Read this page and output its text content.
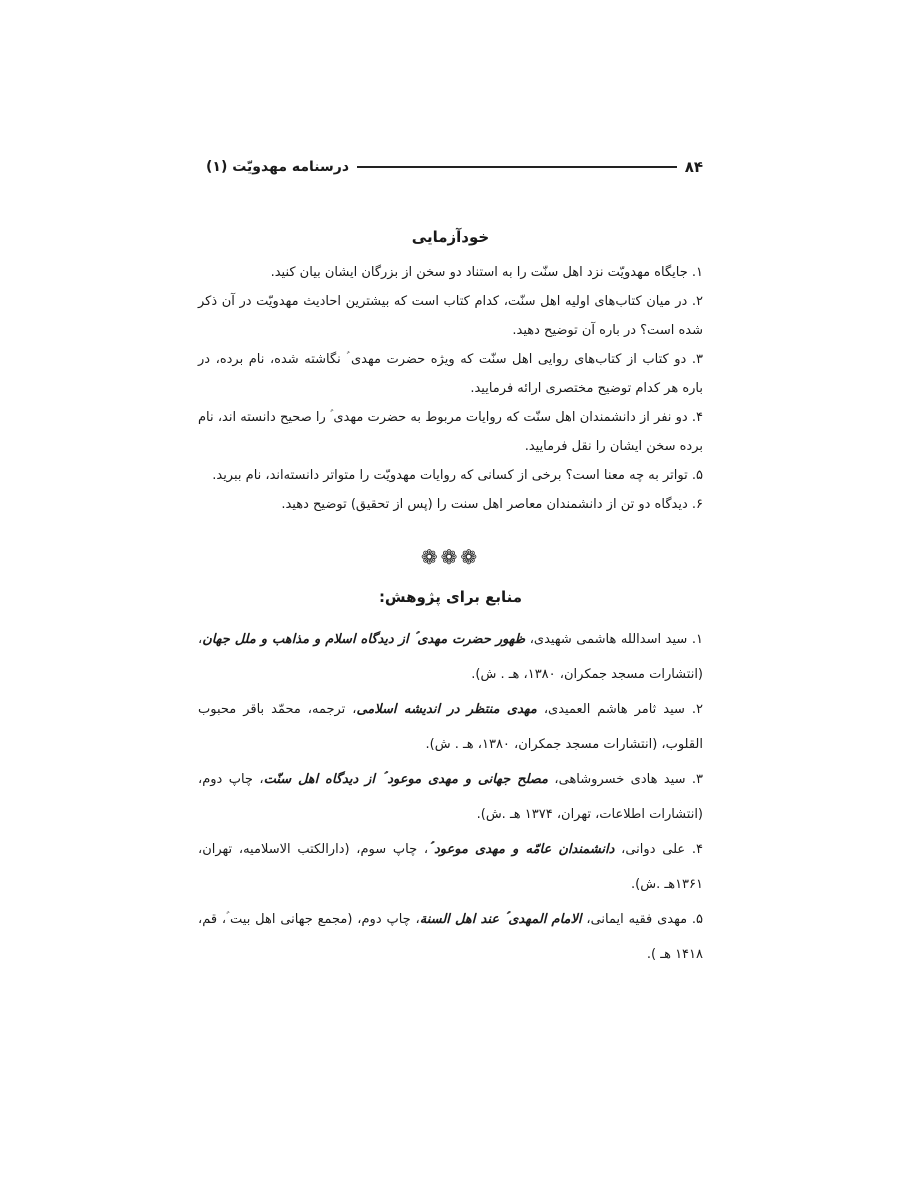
۸۴
درسنامه مهدویّت (۱)
خودآزمایی

۱. جایگاه مهدویّت نزد اهل سنّت را به استناد دو سخن از بزرگان ایشان بیان کنید.

۲. در میان کتاب‌های اولیه اهل سنّت، کدام کتاب است که بیشترین احادیث مهدویّت در آن ذکر شده است؟ در باره آن توضیح دهید.

۳. دو کتاب از کتاب‌های روایی اهل سنّت که ویژه حضرت مهدی ؑ نگاشته شده، نام برده، در باره هر کدام توضیح مختصری ارائه فرمایید.

۴. دو نفر از دانشمندان اهل سنّت که روایات مربوط به حضرت مهدی ؑ را صحیح دانسته اند، نام برده سخن ایشان را نقل فرمایید.

۵. تواتر به چه معنا است؟ برخی از کسانی که روایات مهدویّت را متواتر دانسته‌اند، نام ببرید.

۶. دیدگاه دو تن از دانشمندان معاصر اهل سنت را (پس از تحقیق) توضیح دهید.

❁❁❁
منابع برای پژوهش:

۱. سید اسدالله هاشمی شهیدی، ظهور حضرت مهدی ؑ از دیدگاه اسلام و مذاهب و ملل جهان، (انتشارات مسجد جمکران، ۱۳۸۰، هـ . ش).

۲. سید ثامر هاشم العمیدی، مهدی منتظر در اندیشه اسلامی، ترجمه، محمّد باقر محبوب القلوب، (انتشارات مسجد جمکران، ۱۳۸۰، هـ . ش).

۳. سید هادی خسروشاهی، مصلح جهانی و مهدی موعود ؑ از دیدگاه اهل سنّت، چاپ دوم، (انتشارات اطلاعات، تهران، ۱۳۷۴ هـ .ش).

۴. علی دوانی، دانشمندان عامّه و مهدی موعود ؑ، چاپ سوم، (دارالکتب الاسلامیه، تهران، ۱۳۶۱هـ .ش).

۵. مهدی فقیه ایمانی، الامام المهدی ؑ عند اهل السنة، چاپ دوم، (مجمع جهانی اهل بیت ؑ، قم، ۱۴۱۸ هـ ).
